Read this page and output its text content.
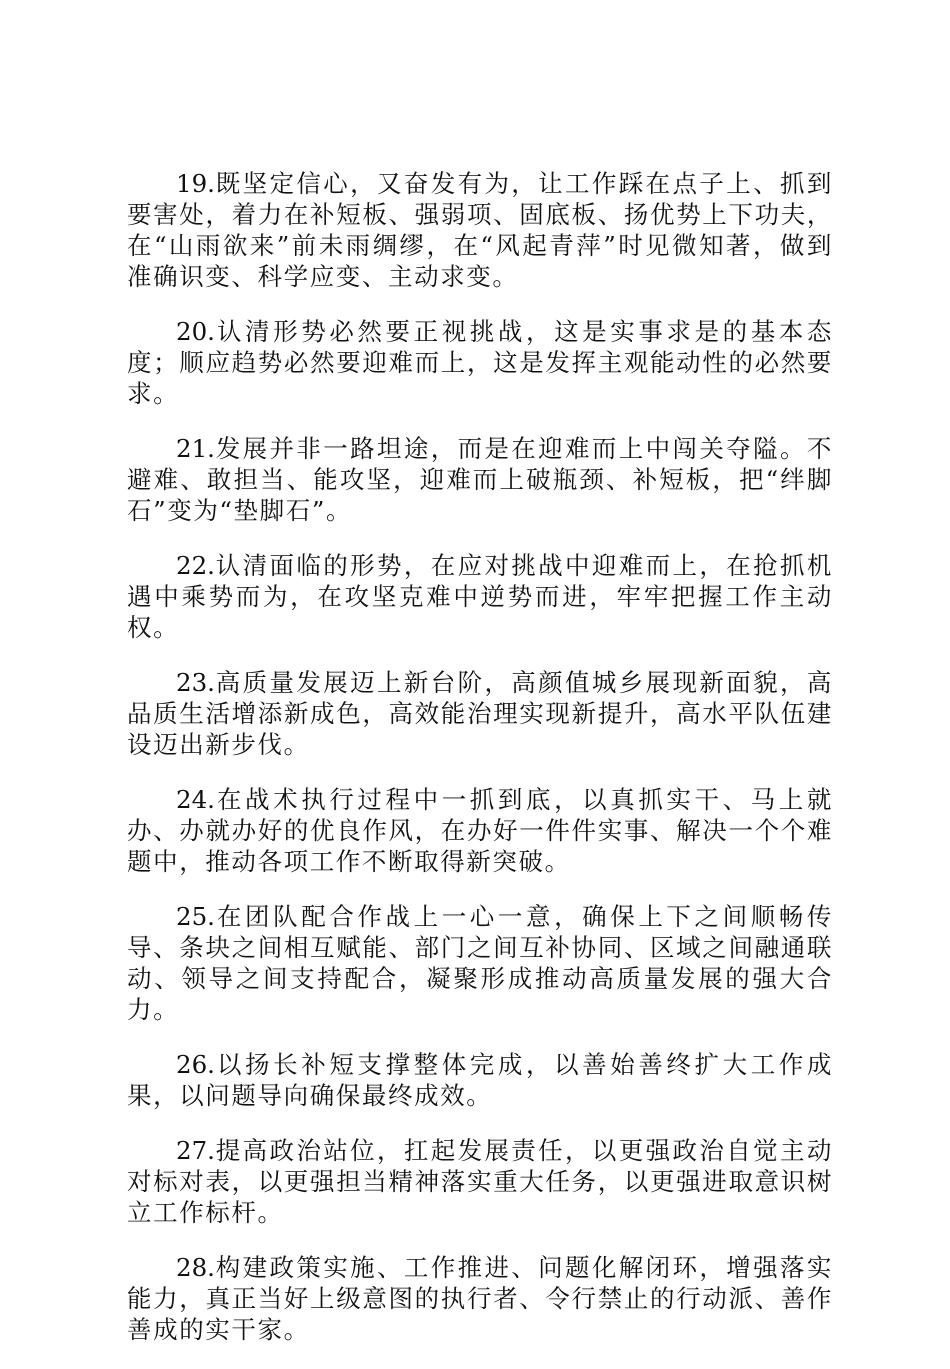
19.既坚定信心，又奋发有为，让工作踩在点子上、抓到要害处，着力在补短板、强弱项、固底板、扬优势上下功夫，在“山雨欲来”前未雨绸缪，在“风起青萍”时见微知著，做到准确识变、科学应变、主动求变。

20.认清形势必然要正视挑战，这是实事求是的基本态度；顺应趋势必然要迎难而上，这是发挥主观能动性的必然要求。

21.发展并非一路坦途，而是在迎难而上中闯关夺隘。不避难、敢担当、能攻坚，迎难而上破瓶颈、补短板，把“绊脚石”变为“垫脚石”。

22.认清面临的形势，在应对挑战中迎难而上，在抢抓机遇中乘势而为，在攻坚克难中逆势而进，牢牢把握工作主动权。

23.高质量发展迈上新台阶，高颜值城乡展现新面貌，高品质生活增添新成色，高效能治理实现新提升，高水平队伍建设迈出新步伐。

24.在战术执行过程中一抓到底，以真抓实干、马上就办、办就办好的优良作风，在办好一件件实事、解决一个个难题中，推动各项工作不断取得新突破。

25.在团队配合作战上一心一意，确保上下之间顺畅传导、条块之间相互赋能、部门之间互补协同、区域之间融通联动、领导之间支持配合，凝聚形成推动高质量发展的强大合力。

26.以扬长补短支撑整体完成，以善始善终扩大工作成果，以问题导向确保最终成效。

27.提高政治站位，扛起发展责任，以更强政治自觉主动对标对表，以更强担当精神落实重大任务，以更强进取意识树立工作标杆。

28.构建政策实施、工作推进、问题化解闭环，增强落实能力，真正当好上级意图的执行者、令行禁止的行动派、善作善成的实干家。
